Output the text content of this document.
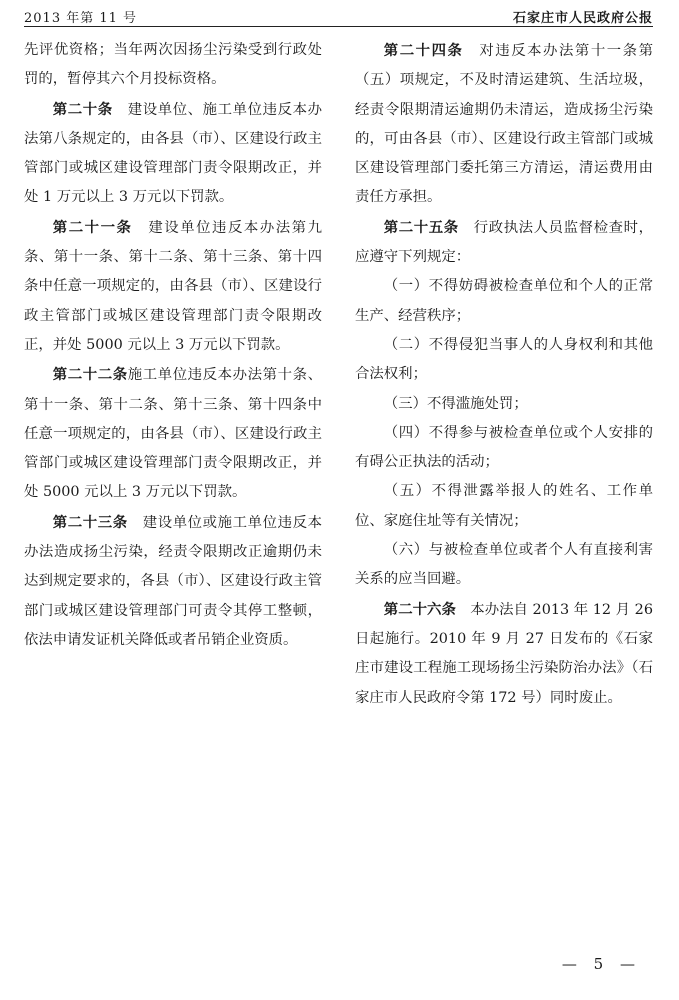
2013 年第 11 号	石家庄市人民政府公报

先评优资格；当年两次因扬尘污染受到行政处罚的，暂停其六个月投标资格。

第二十条　建设单位、施工单位违反本办法第八条规定的，由各县（市）、区建设行政主管部门或城区建设管理部门责令限期改正，并处 1 万元以上 3 万元以下罚款。

第二十一条　建设单位违反本办法第九条、第十一条、第十二条、第十三条、第十四条中任意一项规定的，由各县（市）、区建设行政主管部门或城区建设管理部门责令限期改正，并处 5000 元以上 3 万元以下罚款。

第二十二条施工单位违反本办法第十条、第十一条、第十二条、第十三条、第十四条中任意一项规定的，由各县（市）、区建设行政主管部门或城区建设管理部门责令限期改正，并处 5000 元以上 3 万元以下罚款。

第二十三条　建设单位或施工单位违反本办法造成扬尘污染，经责令限期改正逾期仍未达到规定要求的，各县（市）、区建设行政主管部门或城区建设管理部门可责令其停工整顿，依法申请发证机关降低或者吊销企业资质。

第二十四条　对违反本办法第十一条第（五）项规定，不及时清运建筑、生活垃圾，经责令限期清运逾期仍未清运，造成扬尘污染的，可由各县（市）、区建设行政主管部门或城区建设管理部门委托第三方清运，清运费用由责任方承担。

第二十五条　行政执法人员监督检查时，应遵守下列规定：

（一）不得妨碍被检查单位和个人的正常生产、经营秩序；

（二）不得侵犯当事人的人身权利和其他合法权利；

（三）不得滥施处罚；

（四）不得参与被检查单位或个人安排的有碍公正执法的活动；

（五）不得泄露举报人的姓名、工作单位、家庭住址等有关情况；

（六）与被检查单位或者个人有直接利害关系的应当回避。

第二十六条　本办法自 2013 年 12 月 26 日起施行。2010 年 9 月 27 日发布的《石家庄市建设工程施工现场扬尘污染防治办法》（石家庄市人民政府令第 172 号）同时废止。

— 5 —
